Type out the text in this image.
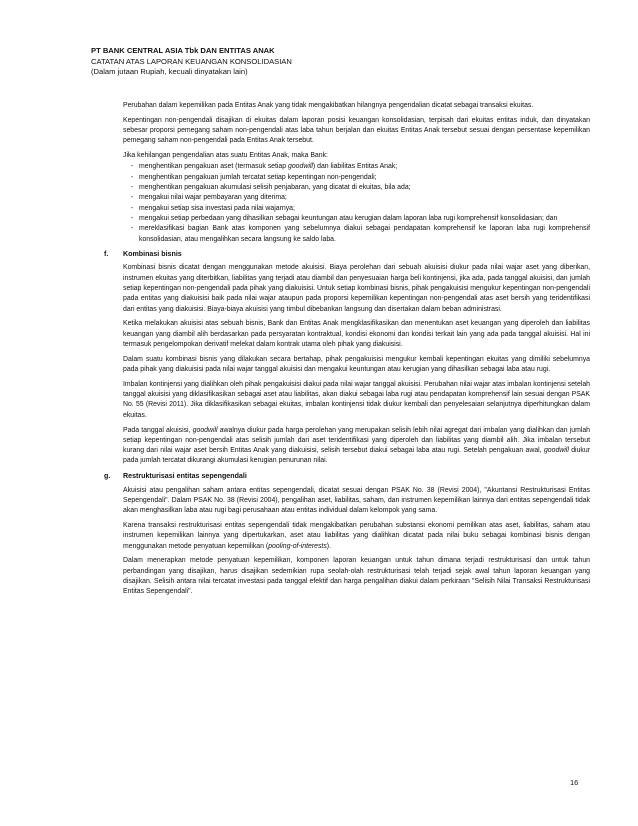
PT BANK CENTRAL ASIA Tbk DAN ENTITAS ANAK
CATATAN ATAS LAPORAN KEUANGAN KONSOLIDASIAN
(Dalam jutaan Rupiah, kecuali dinyatakan lain)

Perubahan dalam kepemilikan pada Entitas Anak yang tidak mengakibatkan hilangnya pengendalian dicatat sebagai transaksi ekuitas.

Kepentingan non-pengendali disajikan di ekuitas dalam laporan posisi keuangan konsolidasian, terpisah dari ekuitas entitas induk, dan dinyatakan sebesar proporsi pemegang saham non-pengendali atas laba tahun berjalan dan ekuitas Entitas Anak tersebut sesuai dengan persentase kepemilikan pemegang saham non-pengendali pada Entitas Anak tersebut.

Jika kehilangan pengendalian atas suatu Entitas Anak, maka Bank:

- menghentikan pengakuan aset (termasuk setiap goodwill) dan liabilitas Entitas Anak;
- menghentikan pengakuan jumlah tercatat setiap kepentingan non-pengendali;
- menghentikan pengakuan akumulasi selisih penjabaran, yang dicatat di ekuitas, bila ada;
- mengakui nilai wajar pembayaran yang diterima;
- mengakui setiap sisa investasi pada nilai wajarnya;
- mengakui setiap perbedaan yang dihasilkan sebagai keuntungan atau kerugian dalam laporan laba rugi komprehensif konsolidasian; dan
- mereklasifikasi bagian Bank atas komponen yang sebelumnya diakui sebagai pendapatan komprehensif ke laporan laba rugi komprehensif konsolidasian, atau mengalihkan secara langsung ke saldo laba.
f. Kombinasi bisnis

Kombinasi bisnis dicatat dengan menggunakan metode akuisisi. Biaya perolehan dari sebuah akuisisi diukur pada nilai wajar aset yang diberikan, instrumen ekuitas yang diterbitkan, liabilitas yang terjadi atau diambil dan penyesuaian harga beli kontinjensi, jika ada, pada tanggal akuisisi, dan jumlah setiap kepentingan non-pengendali pada pihak yang diakuisisi. Untuk setiap kombinasi bisnis, pihak pengakuisisi mengukur kepentingan non-pengendali pada entitas yang diakuisisi baik pada nilai wajar ataupun pada proporsi kepemilikan kepentingan non-pengendali atas aset bersih yang teridentifikasi dari entitas yang diakuisisi. Biaya-biaya akuisisi yang timbul dibebankan langsung dan disertakan dalam beban administrasi.

Ketika melakukan akuisisi atas sebuah bisnis, Bank dan Entitas Anak mengklasifikasikan dan menentukan aset keuangan yang diperoleh dan liabilitas keuangan yang diambil alih berdasarkan pada persyaratan kontraktual, kondisi ekonomi dan kondisi terkait lain yang ada pada tanggal akuisisi. Hal ini termasuk pengelompokan derivatif melekat dalam kontrak utama oleh pihak yang diakuisisi.

Dalam suatu kombinasi bisnis yang dilakukan secara bertahap, pihak pengakuisisi mengukur kembali kepentingan ekuitas yang dimiliki sebelumnya pada pihak yang diakuisisi pada nilai wajar tanggal akuisisi dan mengakui keuntungan atau kerugian yang dihasilkan sebagai laba atau rugi.

Imbalan kontinjensi yang dialihkan oleh pihak pengakuisisi diakui pada nilai wajar tanggal akuisisi. Perubahan nilai wajar atas imbalan kontinjensi setelah tanggal akuisisi yang diklasifikasikan sebagai aset atau liabilitas, akan diakui sebagai laba rugi atau pendapatan komprehensif lain sesuai dengan PSAK No. 55 (Revisi 2011). Jika diklasifikasikan sebagai ekuitas, imbalan kontinjensi tidak diukur kembali dan penyelesaian selanjutnya diperhitungkan dalam ekuitas.

Pada tanggal akuisisi, goodwill awalnya diukur pada harga perolehan yang merupakan selisih lebih nilai agregat dari imbalan yang dialihkan dan jumlah setiap kepentingan non-pengendali atas selisih jumlah dari aset teridentifikasi yang diperoleh dan liabilitas yang diambil alih. Jika imbalan tersebut kurang dari nilai wajar aset bersih Entitas Anak yang diakuisisi, selisih tersebut diakui sebagai laba atau rugi. Setelah pengakuan awal, goodwill diukur pada jumlah tercatat dikurangi akumulasi kerugian penurunan nilai.

g. Restrukturisasi entitas sepengendali

Akuisisi atau pengalihan saham antara entitas sepengendali, dicatat sesuai dengan PSAK No. 38 (Revisi 2004), "Akuntansi Restrukturisasi Entitas Sepengendali". Dalam PSAK No. 38 (Revisi 2004), pengalihan aset, liabilitas, saham, dan instrumen kepemilikan lainnya dari entitas sepengendali tidak akan menghasilkan laba atau rugi bagi perusahaan atau entitas individual dalam kelompok yang sama.

Karena transaksi restrukturisasi entitas sepengendali tidak mengakibatkan perubahan substansi ekonomi pemilikan atas aset, liabilitas, saham atau instrumen kepemilikan lainnya yang dipertukarkan, aset atau liabilitas yang dialihkan dicatat pada nilai buku sebagai kombinasi bisnis dengan menggunakan metode penyatuan kepemilikan (pooling-of-interests).

Dalam menerapkan metode penyatuan kepemilikan, komponen laporan keuangan untuk tahun dimana terjadi restrukturisasi dan untuk tahun perbandingan yang disajikan, harus disajikan sedemikian rupa seolah-olah restrukturisasi telah terjadi sejak awal tahun laporan keuangan yang disajikan. Selisih antara nilai tercatat investasi pada tanggal efektif dan harga pengalihan diakui dalam perkiraan "Selisih Nilai Transaksi Restrukturisasi Entitas Sepengendali".

16
